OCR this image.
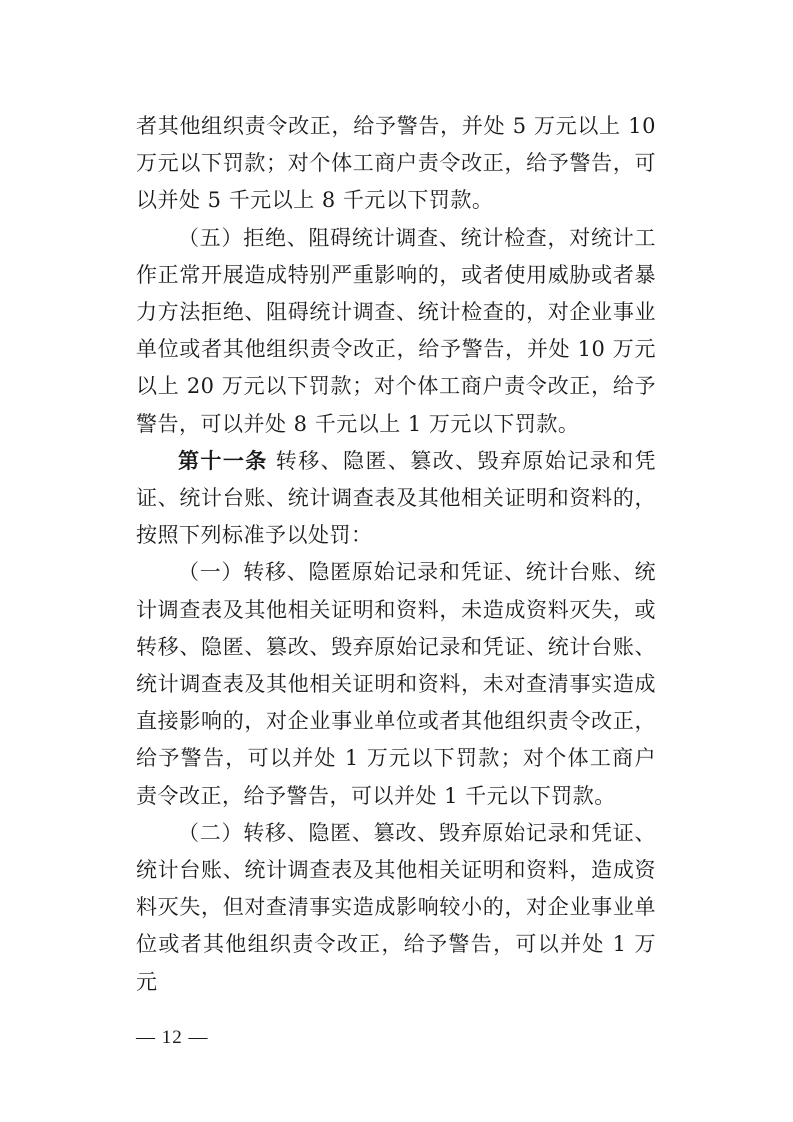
者其他组织责令改正，给予警告，并处 5 万元以上 10 万元以下罚款；对个体工商户责令改正，给予警告，可以并处 5 千元以上 8 千元以下罚款。

（五）拒绝、阻碍统计调查、统计检查，对统计工作正常开展造成特别严重影响的，或者使用威胁或者暴力方法拒绝、阻碍统计调查、统计检查的，对企业事业单位或者其他组织责令改正，给予警告，并处 10 万元以上 20 万元以下罚款；对个体工商户责令改正，给予警告，可以并处 8 千元以上 1 万元以下罚款。

第十一条 转移、隐匿、篡改、毁弃原始记录和凭证、统计台账、统计调查表及其他相关证明和资料的，按照下列标准予以处罚：

（一）转移、隐匿原始记录和凭证、统计台账、统计调查表及其他相关证明和资料，未造成资料灭失，或转移、隐匿、篡改、毁弃原始记录和凭证、统计台账、统计调查表及其他相关证明和资料，未对查清事实造成直接影响的，对企业事业单位或者其他组织责令改正，给予警告，可以并处 1 万元以下罚款；对个体工商户责令改正，给予警告，可以并处 1 千元以下罚款。

（二）转移、隐匿、篡改、毁弃原始记录和凭证、统计台账、统计调查表及其他相关证明和资料，造成资料灭失，但对查清事实造成影响较小的，对企业事业单位或者其他组织责令改正，给予警告，可以并处 1 万元

— 12 —
